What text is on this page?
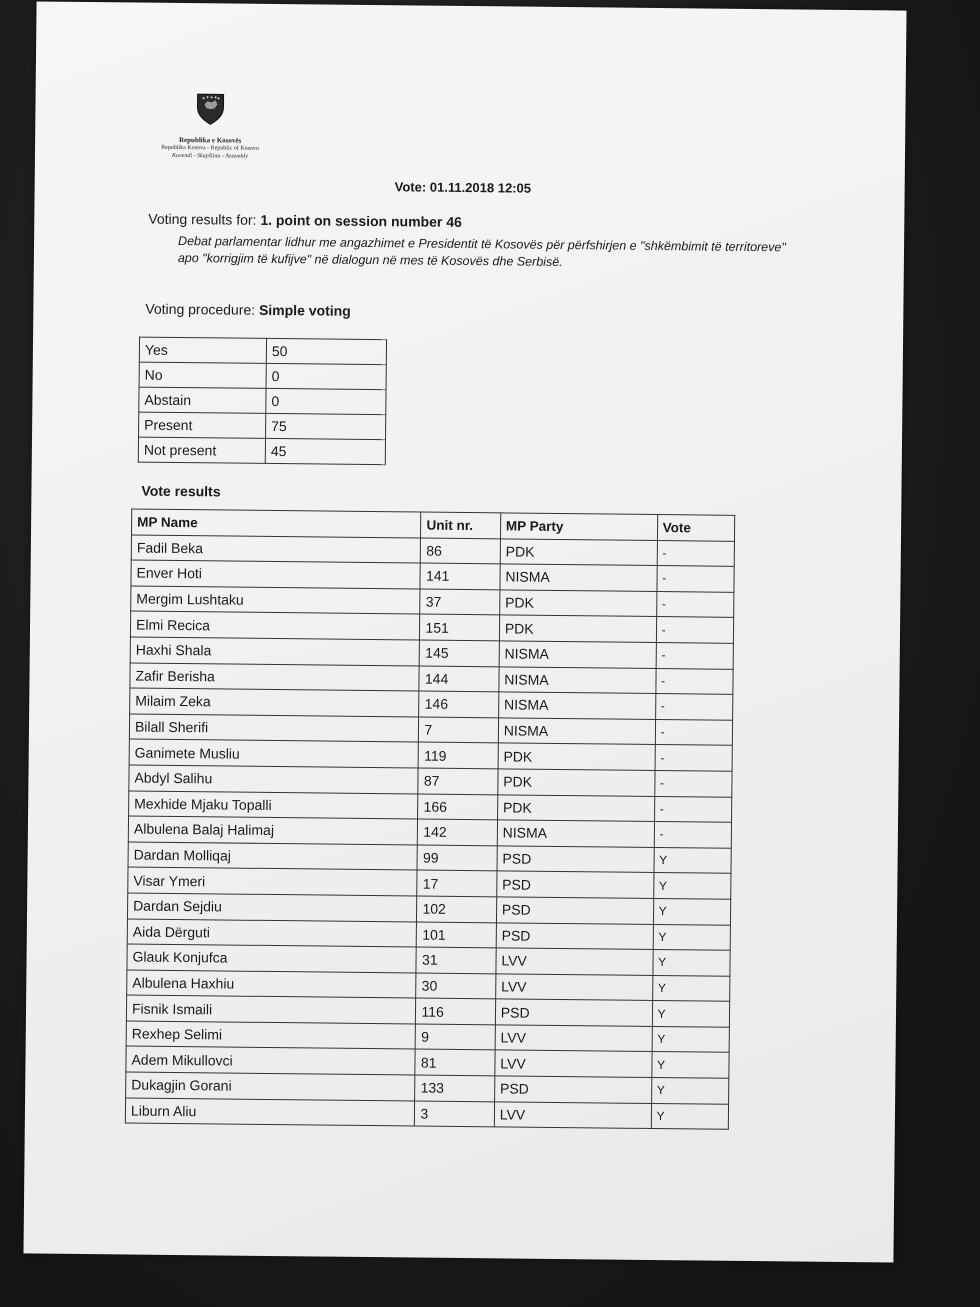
Republika e Kosovës
Republika Kosova - Republic of Kosovo
Kuvendi - Skupština - Assembly
Vote: 01.11.2018 12:05
Voting results for: 1. point on session number 46
Debat parlamentar lidhur me angazhimet e Presidentit të Kosovës për përfshirjen e "shkëmbimit të territoreve" apo "korrigjim të kufijve" në dialogun në mes të Kosovës dhe Serbisë.
Voting procedure: Simple voting
Yes	50
No	0
Abstain	0
Present	75
Not present	45
Vote results
MP Name	Unit nr.	MP Party	Vote
Fadil Beka	86	PDK	-
Enver Hoti	141	NISMA	-
Mergim Lushtaku	37	PDK	-
Elmi Recica	151	PDK	-
Haxhi Shala	145	NISMA	-
Zafir Berisha	144	NISMA	-
Milaim Zeka	146	NISMA	-
Bilall Sherifi	7	NISMA	-
Ganimete Musliu	119	PDK	-
Abdyl Salihu	87	PDK	-
Mexhide Mjaku Topalli	166	PDK	-
Albulena Balaj Halimaj	142	NISMA	-
Dardan Molliqaj	99	PSD	Y
Visar Ymeri	17	PSD	Y
Dardan Sejdiu	102	PSD	Y
Aida Dërguti	101	PSD	Y
Glauk Konjufca	31	LVV	Y
Albulena Haxhiu	30	LVV	Y
Fisnik Ismaili	116	PSD	Y
Rexhep Selimi	9	LVV	Y
Adem Mikullovci	81	LVV	Y
Dukagjin Gorani	133	PSD	Y
Liburn Aliu	3	LVV	Y
